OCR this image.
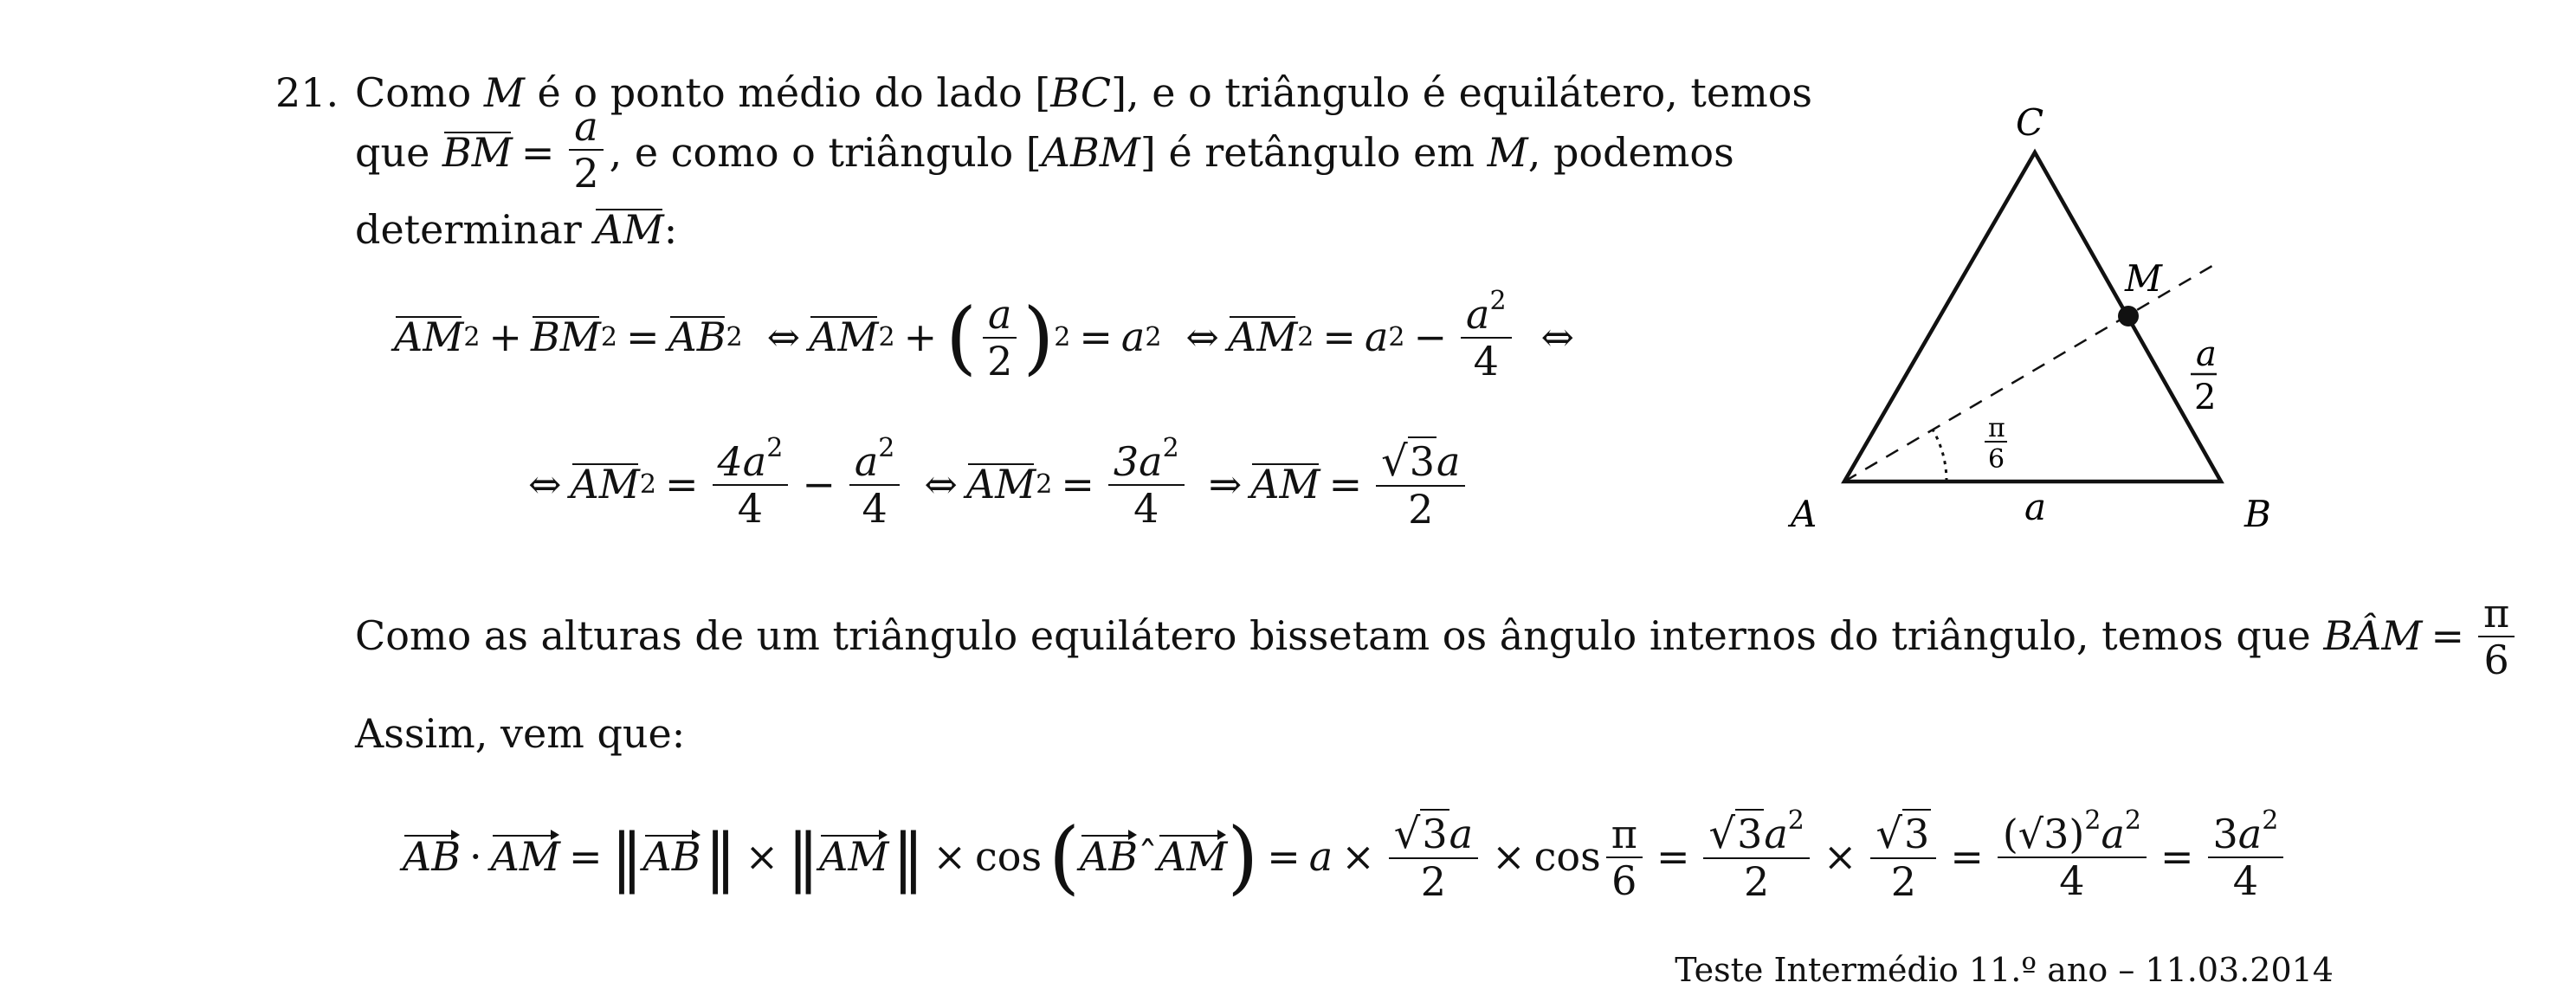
21. Como M é o ponto médio do lado [BC], e o triângulo é equilátero, temos
que BM = $\frac{a}{2}$ , e como o triângulo [ ABM ] é retângulo em M , podemos
determinar AM:
AM 2 + BM 2 = AB 2 ⇔ AM 2 + ( $\frac{a}{2}$ ) 2 = a 2 ⇔ AM 2 = a $2 - \frac{a^2}{4}$ ⇔
⇔ AM $2 = \frac{4a^2}{4} - \frac{a^2}{4}$ ⇔ AM $2 = \frac{3a^2}{4}$ ⇒ AM = $\frac{√3a}{2}$
Como as alturas de um triângulo equilátero bissetam os ângulo internos do triângulo, temos que BÂM = $\frac{\pi}{6}$
Assim, vem que:
AB · AM = ‖ AB ‖ × ‖ AM ‖ × cos ( AB ˆ AM ) = $a \times \frac{√3a}{2} \times \cos \frac{\pi}{6} = \frac{√3a^2}{2} \times \frac{√3}{2} = \frac{(√3)^2a^2}{4} = \frac{3a^2}{4}$
A	B
C
M
a
a
2
π
6
Teste Intermédio 11.º ano – 11.03.2014
